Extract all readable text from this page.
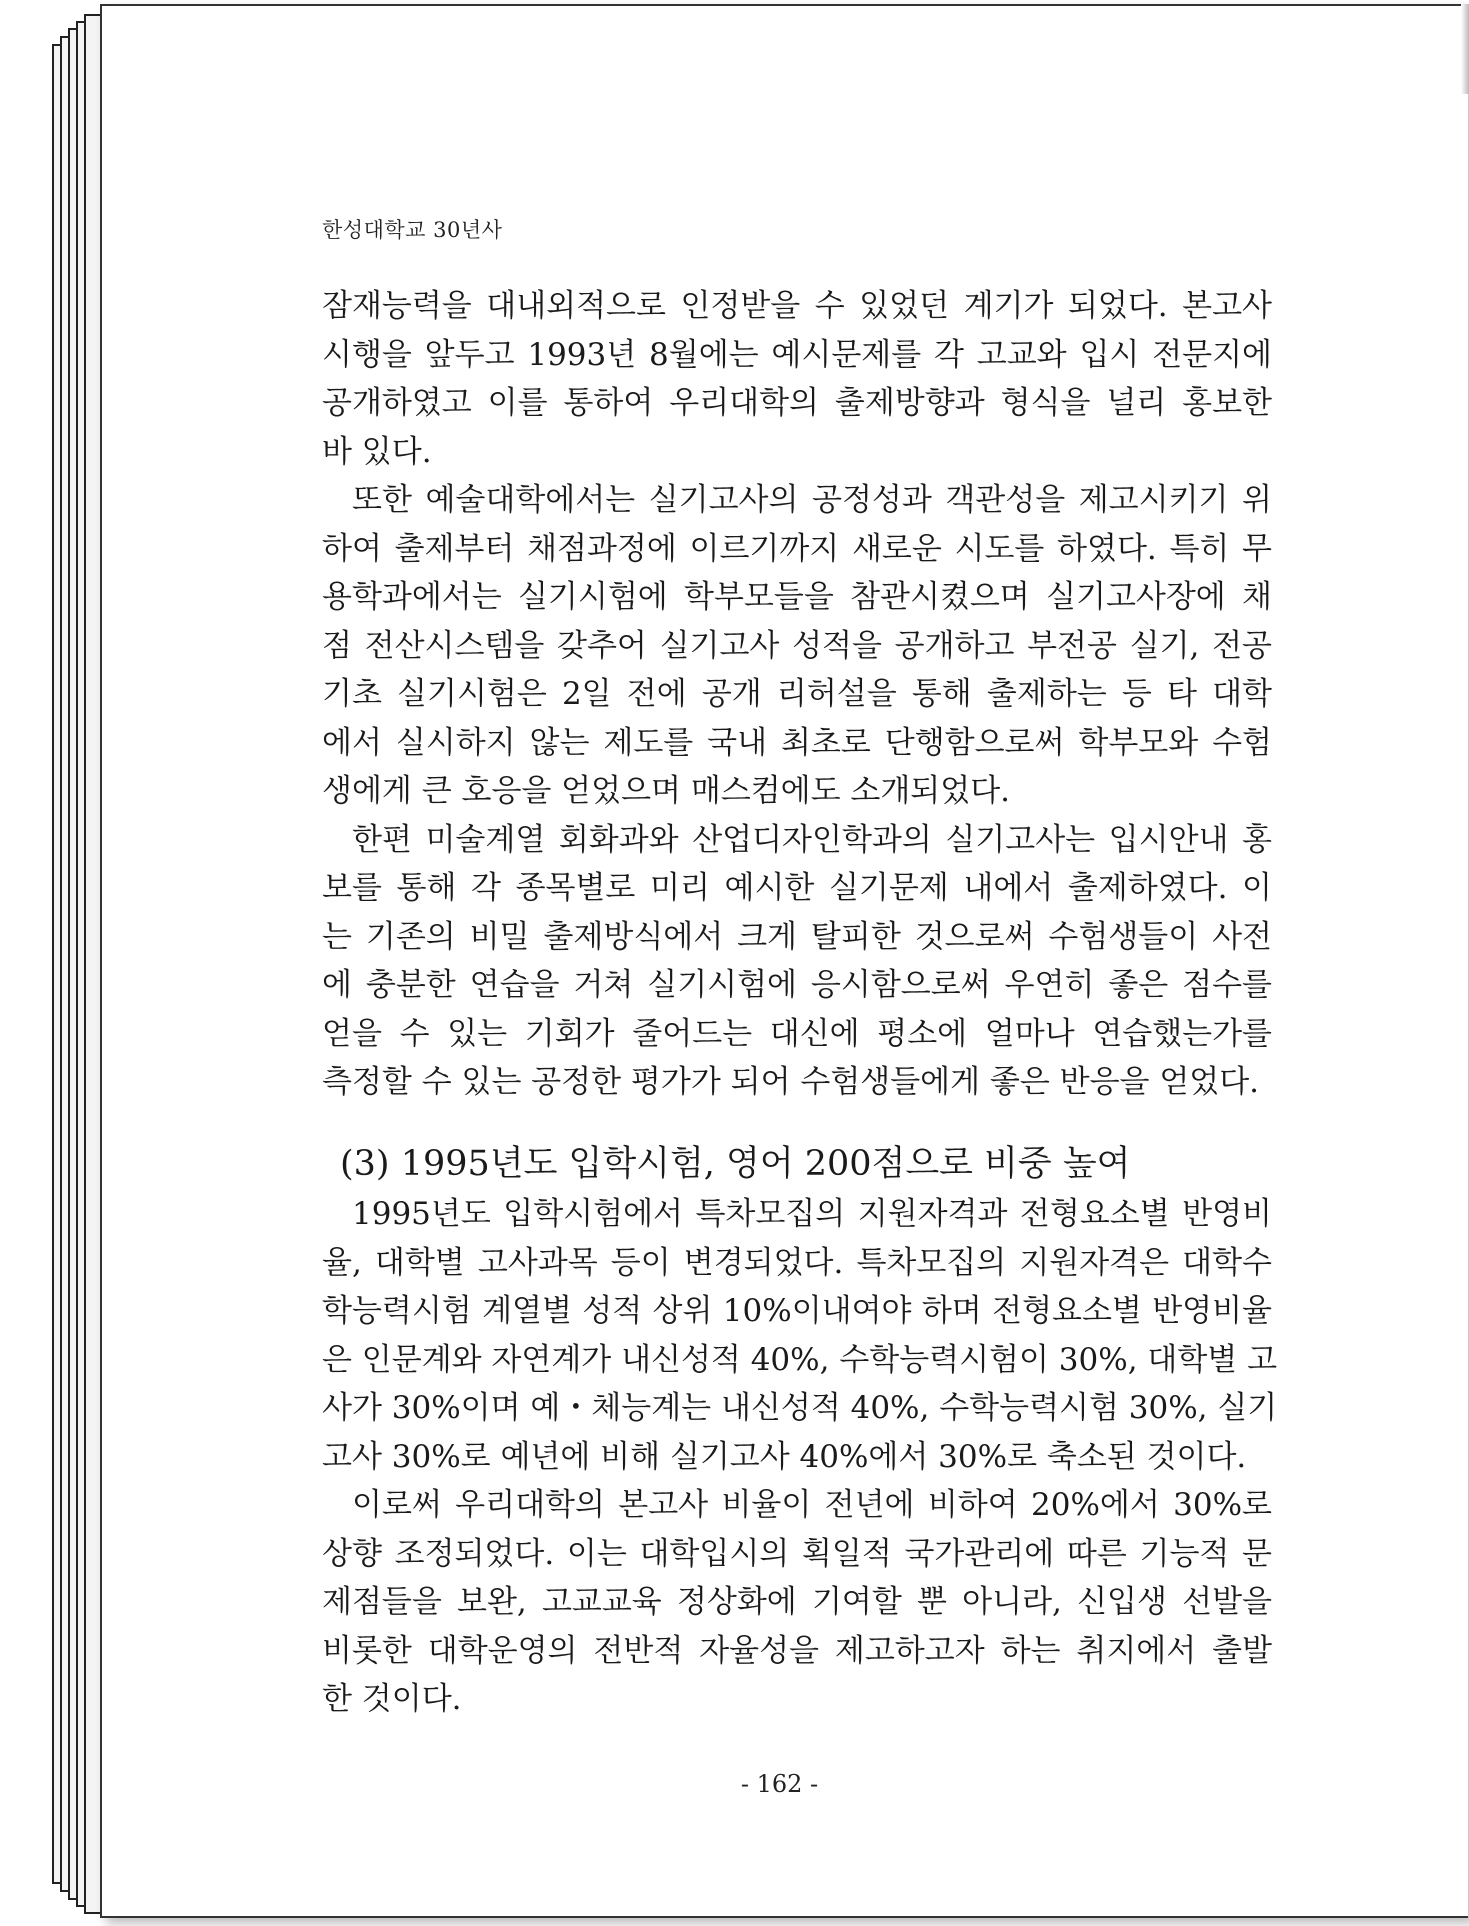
한성대학교 30년사
잠재능력을 대내외적으로 인정받을 수 있었던 계기가 되었다. 본고사
시행을 앞두고 1993년 8월에는 예시문제를 각 고교와 입시 전문지에
공개하였고 이를 통하여 우리대학의 출제방향과 형식을 널리 홍보한
바 있다.
또한 예술대학에서는 실기고사의 공정성과 객관성을 제고시키기 위
하여 출제부터 채점과정에 이르기까지 새로운 시도를 하였다. 특히 무
용학과에서는 실기시험에 학부모들을 참관시켰으며 실기고사장에 채
점 전산시스템을 갖추어 실기고사 성적을 공개하고 부전공 실기, 전공
기초 실기시험은 2일 전에 공개 리허설을 통해 출제하는 등 타 대학
에서 실시하지 않는 제도를 국내 최초로 단행함으로써 학부모와 수험
생에게 큰 호응을 얻었으며 매스컴에도 소개되었다.
한편 미술계열 회화과와 산업디자인학과의 실기고사는 입시안내 홍
보를 통해 각 종목별로 미리 예시한 실기문제 내에서 출제하였다. 이
는 기존의 비밀 출제방식에서 크게 탈피한 것으로써 수험생들이 사전
에 충분한 연습을 거쳐 실기시험에 응시함으로써 우연히 좋은 점수를
얻을 수 있는 기회가 줄어드는 대신에 평소에 얼마나 연습했는가를
측정할 수 있는 공정한 평가가 되어 수험생들에게 좋은 반응을 얻었다.
(3) 1995년도 입학시험, 영어 200점으로 비중 높여
1995년도 입학시험에서 특차모집의 지원자격과 전형요소별 반영비
율, 대학별 고사과목 등이 변경되었다. 특차모집의 지원자격은 대학수
학능력시험 계열별 성적 상위 10%이내여야 하며 전형요소별 반영비율
은 인문계와 자연계가 내신성적 40%, 수학능력시험이 30%, 대학별 고
사가 30%이며 예・체능계는 내신성적 40%, 수학능력시험 30%, 실기
고사 30%로 예년에 비해 실기고사 40%에서 30%로 축소된 것이다.
이로써 우리대학의 본고사 비율이 전년에 비하여 20%에서 30%로
상향 조정되었다. 이는 대학입시의 획일적 국가관리에 따른 기능적 문
제점들을 보완, 고교교육 정상화에 기여할 뿐 아니라, 신입생 선발을
비롯한 대학운영의 전반적 자율성을 제고하고자 하는 취지에서 출발
한 것이다.
- 162 -
